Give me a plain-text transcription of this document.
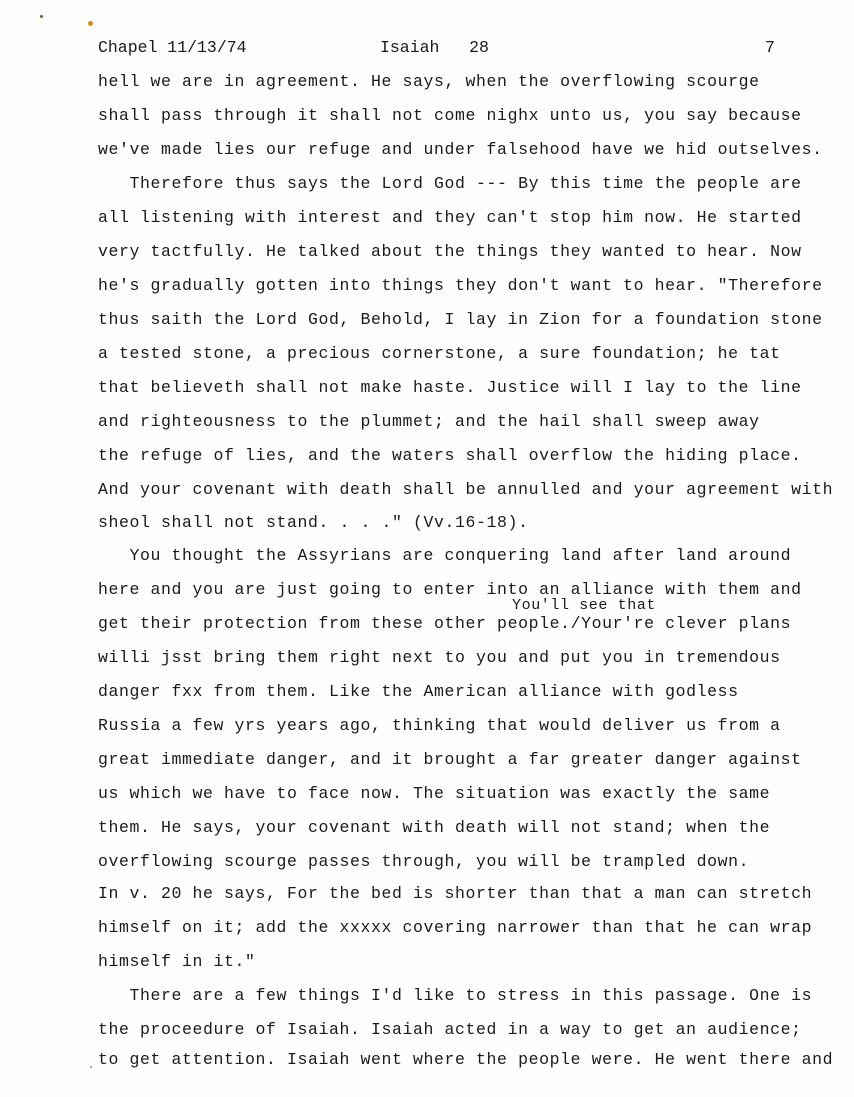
Chapel 11/13/74

	Isaiah   28

	7

hell we are in agreement. He says, when the overflowing scourge
shall pass through it shall not come nighx unto us, you say because
we've made lies our refuge and under falsehood have we hid outselves.
Therefore thus says the Lord God --- By this time the people are
all listening with interest and they can't stop him now. He started
very tactfully. He talked about the things they wanted to hear. Now
he's gradually gotten into things they don't want to hear. "Therefore
thus saith the Lord God, Behold, I lay in Zion for a foundation stone
a tested stone, a precious cornerstone, a sure foundation; he tat
that believeth shall not make haste. Justice will I lay to the line
and righteousness to the plummet; and the hail shall sweep away
the refuge of lies, and the waters shall overflow the hiding place.
And your covenant with death shall be annulled and your agreement with
sheol shall not stand. . . ." (Vv.16-18).
You thought the Assyrians are conquering land after land around
here and you are just going to enter into an alliance with them and
You'll see that
get their protection from these other people./Your're clever plans
willi jsst bring them right next to you and put you in tremendous
danger fxx from them. Like the American alliance with godless
Russia a few yrs years ago, thinking that would deliver us from a
great immediate danger, and it brought a far greater danger against
us which we have to face now. The situation was exactly the same
them. He says, your covenant with death will not stand; when the
overflowing scourge passes through, you will be trampled down.
In v. 20 he says, For the bed is shorter than that a man can stretch
himself on it; add the xxxxx covering narrower than that he can wrap
himself in it."
There are a few things I'd like to stress in this passage. One is
the proceedure of Isaiah. Isaiah acted in a way to get an audience;
to get attention. Isaiah went where the people were. He went there and
